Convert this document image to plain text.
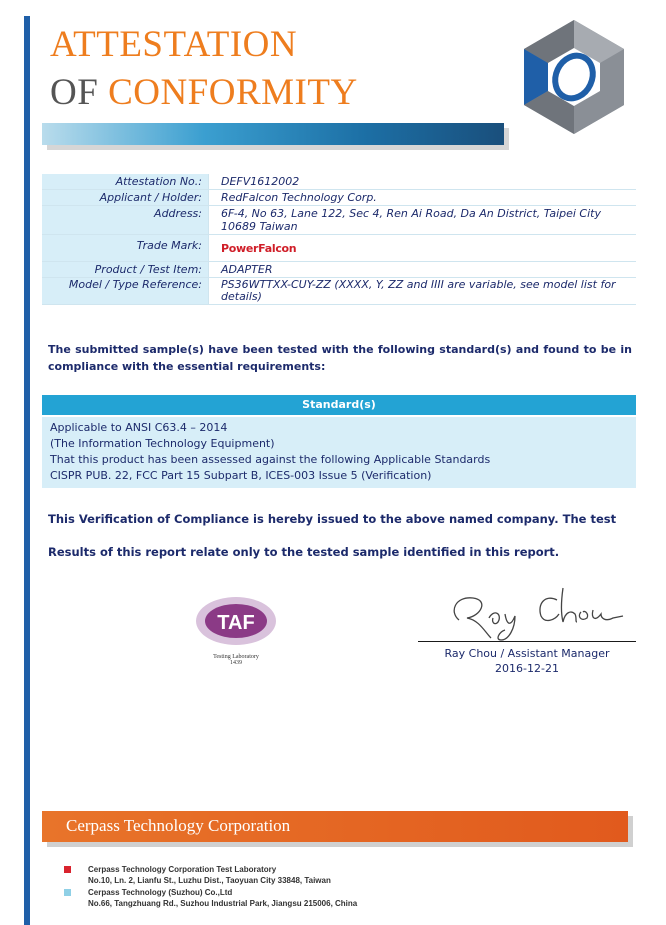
ATTESTATION
OF CONFORMITY
Attestation No.:	DEFV1612002
Applicant / Holder:	RedFalcon Technology Corp.
Address:	6F-4, No 63, Lane 122, Sec 4, Ren Ai Road, Da An District, Taipei City
10689 Taiwan
Trade Mark:	PowerFalcon
Product / Test Item:	ADAPTER
Model / Type Reference:	PS36WTTXX-CUY-ZZ (XXXX, Y, ZZ and IIII are variable, see model list for
details)
The submitted sample(s) have been tested with the following standard(s) and found to be in compliance with the essential requirements:
Standard(s)
Applicable to ANSI C63.4 – 2014
(The Information Technology Equipment)
That this product has been assessed against the following Applicable Standards
CISPR PUB. 22, FCC Part 15 Subpart B, ICES-003 Issue 5 (Verification)
This Verification of Compliance is hereby issued to the above named company. The test
Results of this report relate only to the tested sample identified in this report.
TAF
Testing Laboratory
1439
Ray Chou / Assistant Manager
2016-12-21
Cerpass Technology Corporation
Cerpass Technology Corporation Test Laboratory
No.10, Ln. 2, Lianfu St., Luzhu Dist., Taoyuan City 33848, Taiwan
Cerpass Technology (Suzhou) Co.,Ltd
No.66, Tangzhuang Rd., Suzhou Industrial Park, Jiangsu 215006, China
